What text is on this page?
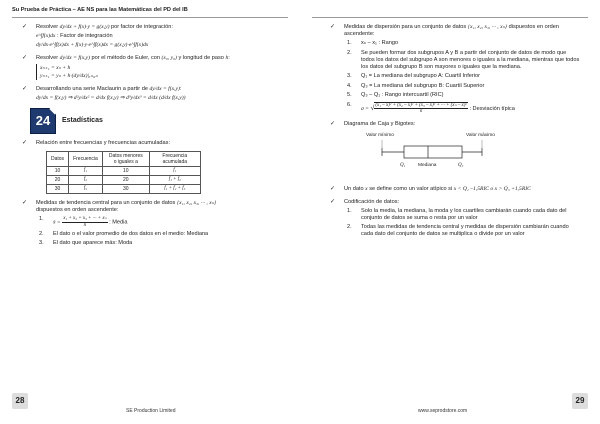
Su Prueba de Práctica – AE NS para las Matemáticas del PD del IB
✓ Resolver dy/dx + f(x)·y = g(x,y) por factor de integración:
e^∫f(x)dx : Factor de integración
dy/dx·e^∫f(x)dx + f(x)·y·e^∫f(x)dx = g(x,y)·e^∫f(x)dx
✓ Resolver dy/dx = f(x,y) por el método de Euler, con (x₀, y₀) y longitud de paso h:
xₙ₊₁ = xₙ + h
yₙ₊₁ = yₙ + h·(dy/dx)|ₓₙ,ᵧₙ
✓ Desarrollando una serie Maclaurin a partir de dy/dx = f(x,y):
dy/dx = f(x,y) ⇒ d²y/dx² = d/dx f(x,y) ⇒ d³y/dx³ = d/dx (d/dx f(x,y))
24	Estadísticas
✓ Relación entre frecuencias y frecuencias acumuladas:
Datos	Frecuencia	Datos menores o iguales a	Frecuencia acumulada
10	f₁	10	f₁
20	f₂	20	f₁ + f₂
30	f₃	30	f₁ + f₂ + f₃
✓ Medidas de tendencia central para un conjunto de datos {x₁, x₂, x₃, ··· , xₙ}
dispuestos en orden ascendente:
1.
x̄ = $\frac{\text{x₁ + x₂ + x₃ + ··· + xₙ}}{n}$ : Media
2. El dato o el valor promedio de dos datos en el medio: Mediana
3. El dato que aparece más: Moda
✓ Medidas de dispersión para un conjunto de datos {x₁, x₂, x₃, ··· , xₙ} dispuestos en orden ascendente:
1. xₙ – x₁ : Rango
2. Se pueden formar dos subgrupos A y B a partir del conjunto de datos de modo que todos los datos del subgrupo A son menores o iguales a la mediana, mientras que todos los datos del subgrupo B son mayores o iguales que la mediana.
3. Q₁ = La mediana del subgrupo A: Cuartil Inferior
4. Q₃ = La mediana del subgrupo B: Cuartil Superior
5. Q₃ – Q₁ : Rango intercuartil (RIC)
6.
σ = √ $\frac{\text{(x₁ – x̄)² + (x₂ – x̄)² + (x₃ – x̄)² + ··· + (xₙ – x̄)²}}{n}$ : Desviación típica
✓ Diagrama de Caja y Bigotes:
Valor mínimo	Valor máximo
Q₁	Mediana	Q₃
✓ Un dato x se define como un valor atípico si x < Q₁ –1,5RIC o x > Q₃ +1,5RIC
✓ Codificación de datos:
1. Solo la media, la mediana, la moda y los cuartiles cambiarán cuando cada dato del conjunto de datos se suma o resta por un valor
2. Todas las medidas de tendencia central y medidas de dispersión cambiarán cuando cada dato del conjunto de datos se multiplica o divide por un valor
28	29
SE Production Limited	www.seprodstore.com
